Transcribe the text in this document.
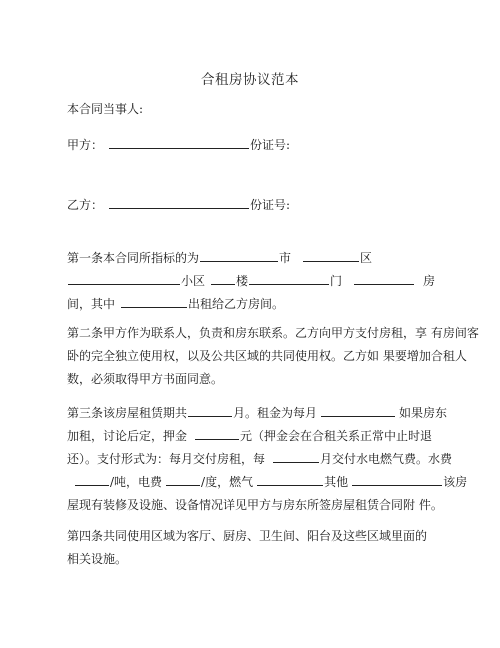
合租房协议范本
本合同当事人:
甲方：	份证号:
乙方：	份证号:
第一条本合同所指标的为	市	区
小区	楼	门	房
间，其中	出租给乙方房间。
第二条甲方作为联系人，负责和房东联系。乙方向甲方支付房租，享 有房间客
卧的完全独立使用权，以及公共区域的共同使用权。乙方如 果要增加合租人
数，必须取得甲方书面同意。
第三条该房屋租赁期共	月。租金为每月	如果房东
加租，讨论后定，押金	元（押金会在合租关系正常中止时退
还）。支付形式为：每月交付房租，每	月交付水电燃气费。水费
/吨，电费	/度，燃气	其他	该房
屋现有装修及设施、设备情况详见甲方与房东所签房屋租赁合同附 件。
第四条共同使用区域为客厅、厨房、卫生间、阳台及这些区域里面的
相关设施。
